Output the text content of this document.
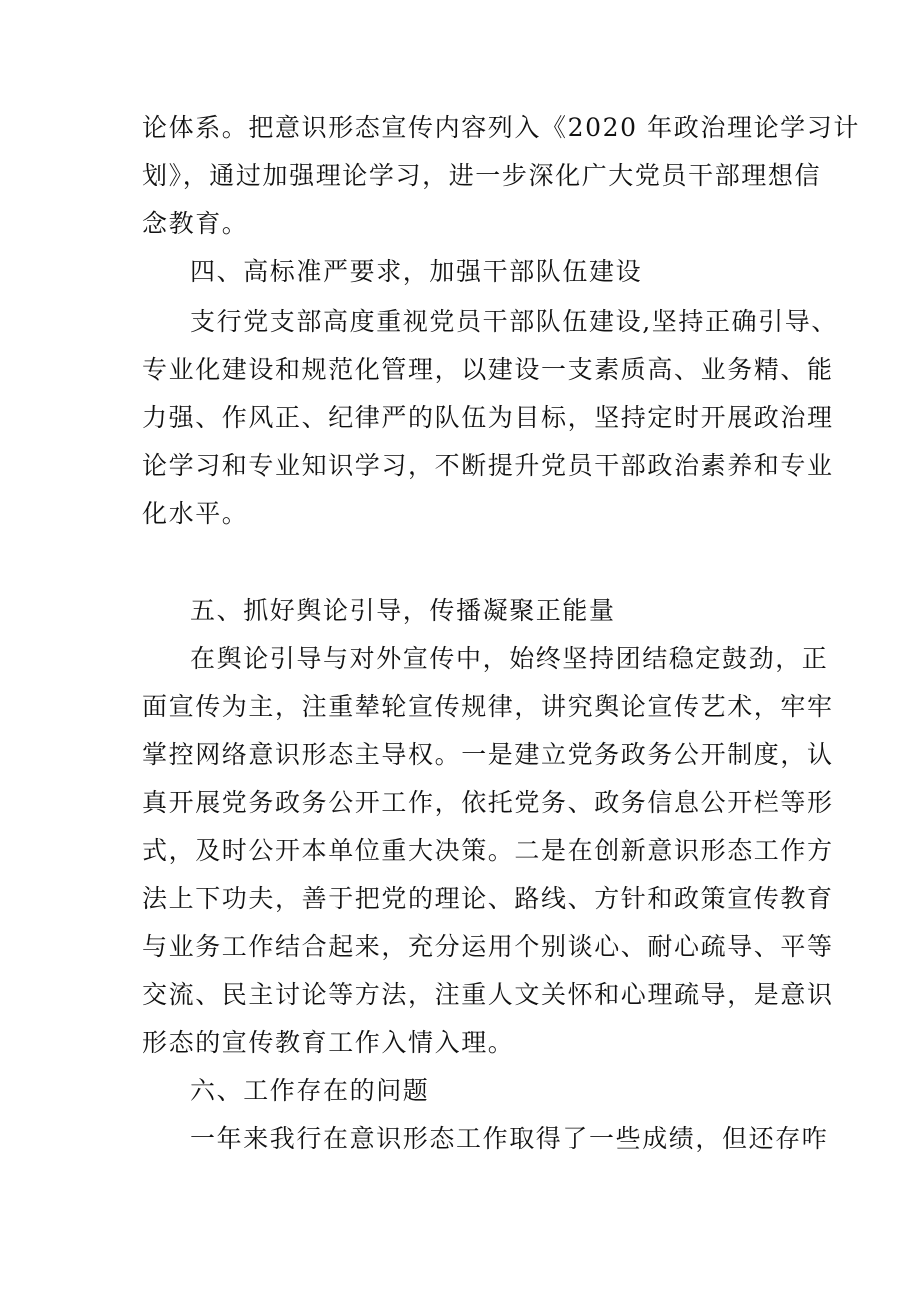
论体系。把意识形态宣传内容列入《2020 年政治理论学习计
划》，通过加强理论学习，进一步深化广大党员干部理想信
念教育。
四、高标准严要求，加强干部队伍建设
支行党支部高度重视党员干部队伍建设,坚持正确引导、
专业化建设和规范化管理，以建设一支素质高、业务精、能
力强、作风正、纪律严的队伍为目标，坚持定时开展政治理
论学习和专业知识学习，不断提升党员干部政治素养和专业
化水平。
五、抓好舆论引导，传播凝聚正能量
在舆论引导与对外宣传中，始终坚持团结稳定鼓劲，正
面宣传为主，注重辇轮宣传规律，讲究舆论宣传艺术，牢牢
掌控网络意识形态主导权。一是建立党务政务公开制度，认
真开展党务政务公开工作，依托党务、政务信息公开栏等形
式，及时公开本单位重大决策。二是在创新意识形态工作方
法上下功夫，善于把党的理论、路线、方针和政策宣传教育
与业务工作结合起来，充分运用个别谈心、耐心疏导、平等
交流、民主讨论等方法，注重人文关怀和心理疏导，是意识
形态的宣传教育工作入情入理。
六、工作存在的问题
一年来我行在意识形态工作取得了一些成绩，但还存咋
